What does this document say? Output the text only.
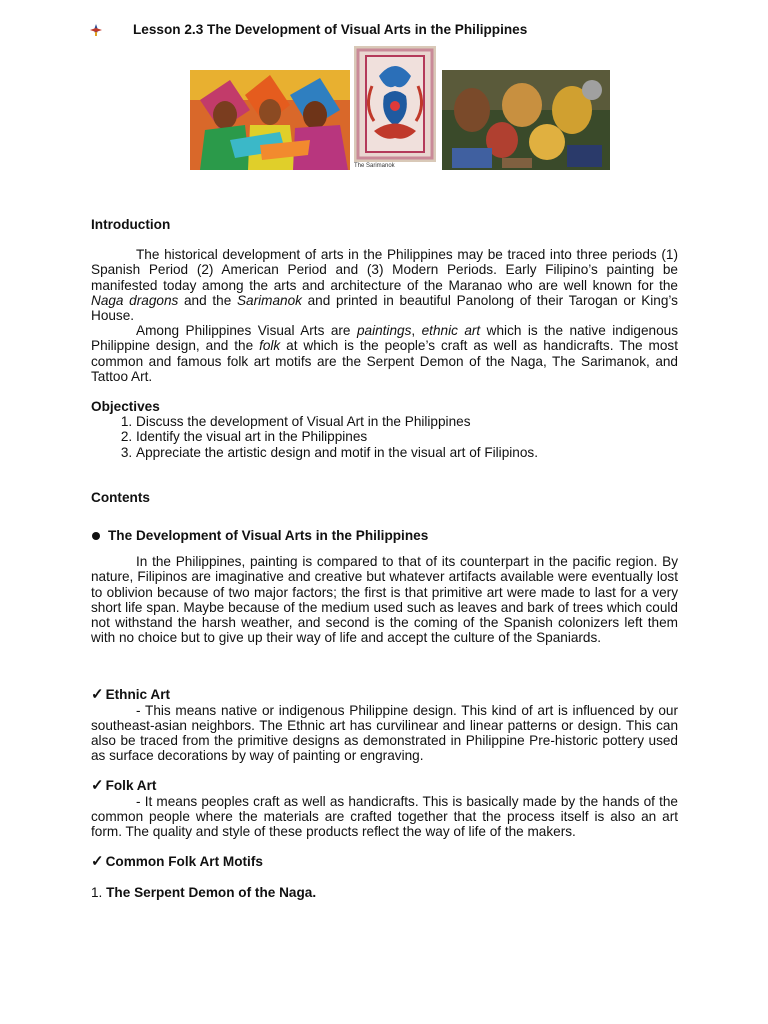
Lesson 2.3 The Development of Visual Arts in the Philippines
The Sarimanok
Introduction

The historical development of arts in the Philippines may be traced into three periods (1) Spanish Period (2) American Period and (3) Modern Periods. Early Filipino’s painting be manifested today among the arts and architecture of the Maranao who are well known for the Naga dragons and the Sarimanok and printed in beautiful Panolong of their Tarogan or King’s House.

Among Philippines Visual Arts are paintings, ethnic art which is the native indigenous Philippine design, and the folk at which is the people’s craft as well as handicrafts. The most common and famous folk art motifs are the Serpent Demon of the Naga, The Sarimanok, and Tattoo Art.

Objectives
1. Discuss the development of Visual Art in the Philippines
2. Identify the visual art in the Philippines
3. Appreciate the artistic design and motif in the visual art of Filipinos.
Contents
The Development of Visual Arts in the Philippines

In the Philippines, painting is compared to that of its counterpart in the pacific region. By nature, Filipinos are imaginative and creative but whatever artifacts available were eventually lost to oblivion because of two major factors; the first is that primitive art were made to last for a very short life span. Maybe because of the medium used such as leaves and bark of trees which could not withstand the harsh weather, and second is the coming of the Spanish colonizers left them with no choice but to give up their way of life and accept the culture of the Spaniards.

✓ Ethnic Art

- This means native or indigenous Philippine design. This kind of art is influenced by our southeast-asian neighbors. The Ethnic art has curvilinear and linear patterns or design. This can also be traced from the primitive designs as demonstrated in Philippine Pre-historic pottery used as surface decorations by way of painting or engraving.

✓ Folk Art

- It means peoples craft as well as handicrafts. This is basically made by the hands of the common people where the materials are crafted together that the process itself is also an art form. The quality and style of these products reflect the way of life of the makers.

✓ Common Folk Art Motifs
1. The Serpent Demon of the Naga.
